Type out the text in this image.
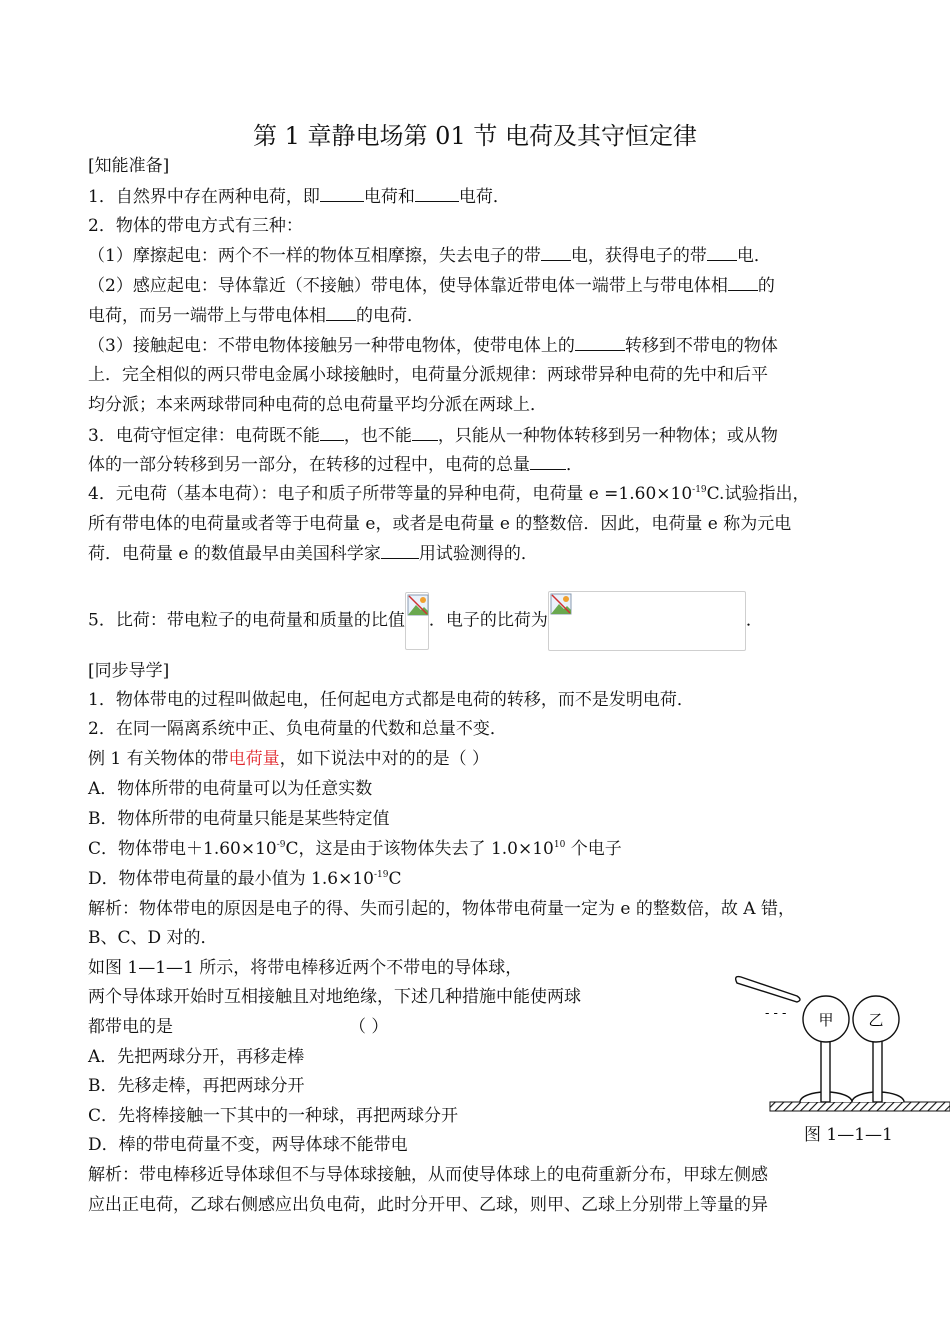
第 1 章静电场第 01 节 电荷及其守恒定律
[知能准备]
1．自然界中存在两种电荷，即	电荷和	电荷．
2．物体的带电方式有三种：
（1）摩擦起电：两个不一样的物体互相摩擦，失去电子的带 电，获得电子的带 电．
（2）感应起电：导体靠近（不接触）带电体，使导体靠近带电体一端带上与带电体相 的
电荷，而另一端带上与带电体相 的电荷．
（3）接触起电：不带电物体接触另一种带电物体，使带电体上的	转移到不带电的物体
上．完全相似的两只带电金属小球接触时，电荷量分派规律：两球带异种电荷的先中和后平
均分派；本来两球带同种电荷的总电荷量平均分派在两球上．
3．电荷守恒定律：电荷既不能 ，也不能 ，只能从一种物体转移到另一种物体；或从物
体的一部分转移到另一部分，在转移的过程中，电荷的总量 ．
4．元电荷（基本电荷）：电子和质子所带等量的异种电荷，电荷量 $e =1.60\times 10^{-19}C$.试验指出，
所有带电体的电荷量或者等于电荷量 e，或者是电荷量 e 的整数倍．因此，电荷量 e 称为元电
荷．电荷量 e 的数值最早由美国科学家 用试验测得的．
5．比荷：带电粒子的电荷量和质量的比值 ．电子的比荷为	．
[同步导学]
1．物体带电的过程叫做起电，任何起电方式都是电荷的转移，而不是发明电荷．
2．在同一隔离系统中正、负电荷量的代数和总量不变．
例 1 有关物体的带电荷量，如下说法中对的的是（ ）
A．物体所带的电荷量可以为任意实数
B．物体所带的电荷量只能是某些特定值
C．物体带电$+1.60\times 10^{-9}C$，这是由于该物体失去了 $1.0\times 10^{10}$ 个电子
D．物体带电荷量的最小值为 $1.6\times 10^{-19}C$
解析：物体带电的原因是电子的得、失而引起的，物体带电荷量一定为 e 的整数倍，故 A 错，
B、C、D 对的．
如图 1—1—1 所示，将带电棒移近两个不带电的导体球，
两个导体球开始时互相接触且对地绝缘，下述几种措施中能使两球
都带电的是	（ ）
A．先把两球分开，再移走棒
B．先移走棒，再把两球分开
C．先将棒接触一下其中的一种球，再把两球分开
D．棒的带电荷量不变，两导体球不能带电
解析：带电棒移近导体球但不与导体球接触，从而使导体球上的电荷重新分布，甲球左侧感
应出正电荷，乙球右侧感应出负电荷，此时分开甲、乙球，则甲、乙球上分别带上等量的异
甲 乙
- - -
图 1—1—1
